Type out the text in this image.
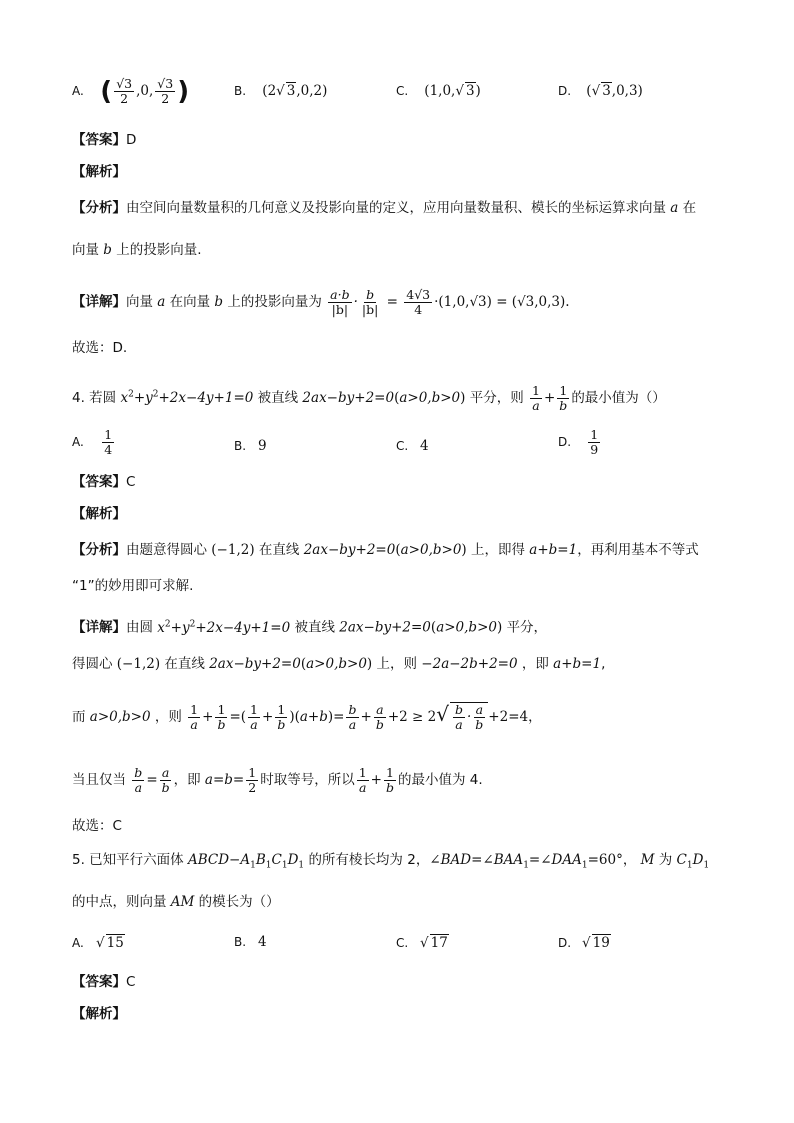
A. ( $\frac{√3}{2} ,0$, $\frac{√3}{2}$ )	B. (2√ 3,0,2)	C. (1,0,√ 3)	D. (√ 3,0,3)
【答案】D
【解析】
【分析】由空间向量数量积的几何意义及投影向量的定义，应用向量数量积、模长的坐标运算求向量 a 在
向量 b 上的投影向量.
【详解】向量 a 在向量 b 上的投影向量为 $\frac{a\cdot b}{|b|} \cdot \frac{b}{|b|} = \frac{4√3}{4} \cdot(1,0,√3) = (√3,0,3)$.
故选：D.
4. 若圆 $x^2+y^2+2x-4y+1=0$ 被直线 2ax−by+2=0(a>0,b>0) 平分，则 $\frac{1}{a} + \frac{1}{b}$ 的最小值为（）
A. $\frac{1}{4}$	B. 9	C. 4	D. $\frac{1}{9}$
【答案】C
【解析】
【分析】由题意得圆心 (−1,2) 在直线 2ax−by+2=0(a>0,b>0) 上，即得 a+b=1，再利用基本不等式
“1”的妙用即可求解.
【详解】由圆 $x^2+y^2+2x-4y+1=0$ 被直线 2ax−by+2=0(a>0,b>0) 平分，
得圆心 (−1,2) 在直线 2ax−by+2=0(a>0,b>0) 上，则 −2a−2b+2=0 ，即 a+b=1,
而 a>0,b>0 ，则 $\frac{1}{a} + \frac{1}{b}$ =( $\frac{1}{a} + \frac{1}{b} )(a+b)= \frac{b}{a} + \frac{a}{b} +2 \ge 2√ \frac{b}{a} \cdot \frac{a}{b} +2=4$，
当且仅当 $\frac{b}{a} = \frac{a}{b}$ ，即 $a=b= \frac{1}{2}$ 时取等号，所以 $\frac{1}{a} + \frac{1}{b}$ 的最小值为 4.
故选：C
5. 已知平行六面体 $ABCD-A_1B_1C_1D_1$ 的所有棱长均为 2，$\angle BAD=\angle BAA_1=\angle DAA_1=60^\circ$， M 为 $C_1D_1$
的中点，则向量 AM 的模长为（）
A. √ 15	B. 4	C. √ 17	D. √ 19
【答案】C
【解析】
